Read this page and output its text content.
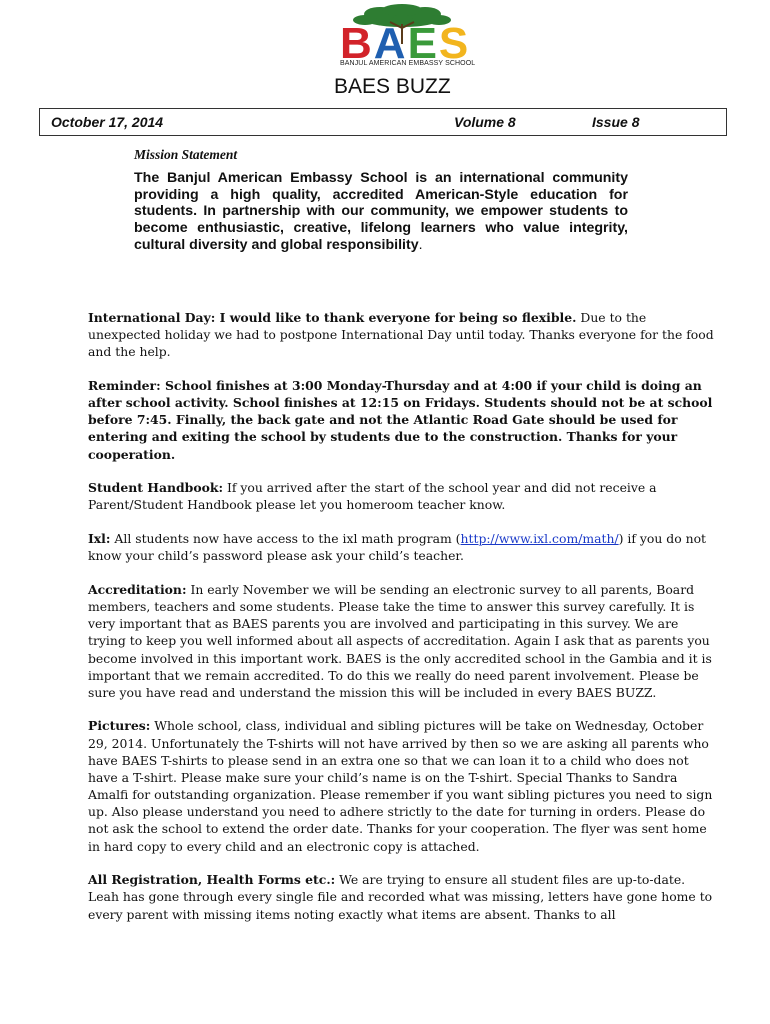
BAES
BANJUL AMERICAN EMBASSY SCHOOL
BAES BUZZ
October 17, 2014	Volume 8	Issue 8
Mission Statement
The Banjul American Embassy School is an international community providing a high quality, accredited American-Style education for students. In partnership with our community, we empower students to become enthusiastic, creative, lifelong learners who value integrity, cultural diversity and global responsibility.

International Day: I would like to thank everyone for being so flexible. Due to the unexpected holiday we had to postpone International Day until today. Thanks everyone for the food and the help.

Reminder: School finishes at 3:00 Monday-Thursday and at 4:00 if your child is doing an after school activity. School finishes at 12:15 on Fridays. Students should not be at school before 7:45. Finally, the back gate and not the Atlantic Road Gate should be used for entering and exiting the school by students due to the construction. Thanks for your cooperation.

Student Handbook: If you arrived after the start of the school year and did not receive a Parent/Student Handbook please let you homeroom teacher know.

Ixl: All students now have access to the ixl math program (http://www.ixl.com/math/) if you do not know your child’s password please ask your child’s teacher.

Accreditation: In early November we will be sending an electronic survey to all parents, Board members, teachers and some students. Please take the time to answer this survey carefully. It is very important that as BAES parents you are involved and participating in this survey. We are trying to keep you well informed about all aspects of accreditation. Again I ask that as parents you become involved in this important work. BAES is the only accredited school in the Gambia and it is important that we remain accredited. To do this we really do need parent involvement. Please be sure you have read and understand the mission this will be included in every BAES BUZZ.

Pictures: Whole school, class, individual and sibling pictures will be take on Wednesday, October 29, 2014. Unfortunately the T-shirts will not have arrived by then so we are asking all parents who have BAES T-shirts to please send in an extra one so that we can loan it to a child who does not have a T-shirt. Please make sure your child’s name is on the T-shirt. Special Thanks to Sandra Amalfi for outstanding organization. Please remember if you want sibling pictures you need to sign up. Also please understand you need to adhere strictly to the date for turning in orders. Please do not ask the school to extend the order date. Thanks for your cooperation. The flyer was sent home in hard copy to every child and an electronic copy is attached.

All Registration, Health Forms etc.: We are trying to ensure all student files are up-to-date. Leah has gone through every single file and recorded what was missing, letters have gone home to every parent with missing items noting exactly what items are absent. Thanks to all
